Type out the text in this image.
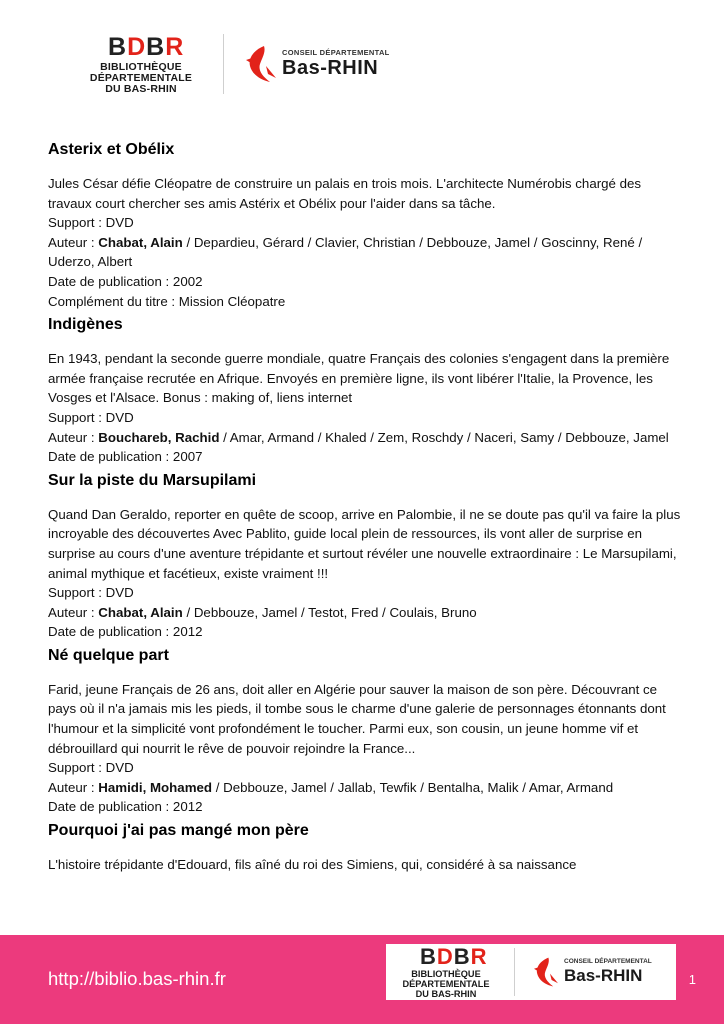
BDBR
BIBLIOTHÈQUE
DÉPARTEMENTALE
DU BAS-RHIN
CONSEIL DÉPARTEMENTAL
Bas-RHIN
Asterix et Obélix

Jules César défie Cléopatre de construire un palais en trois mois. L'architecte Numérobis chargé des travaux court chercher ses amis Astérix et Obélix pour l'aider dans sa tâche.

Support : DVD
Auteur : Chabat, Alain / Depardieu, Gérard / Clavier, Christian / Debbouze, Jamel / Goscinny, René / Uderzo, Albert
Date de publication : 2002
Complément du titre : Mission Cléopatre
Indigènes

En 1943, pendant la seconde guerre mondiale, quatre Français des colonies s'engagent dans la première armée française recrutée en Afrique. Envoyés en première ligne, ils vont libérer l'Italie, la Provence, les Vosges et l'Alsace. Bonus : making of, liens internet

Support : DVD
Auteur : Bouchareb, Rachid / Amar, Armand / Khaled / Zem, Roschdy / Naceri, Samy / Debbouze, Jamel
Date de publication : 2007
Sur la piste du Marsupilami

Quand Dan Geraldo, reporter en quête de scoop, arrive en Palombie, il ne se doute pas qu'il va faire la plus incroyable des découvertes Avec Pablito, guide local plein de ressources, ils vont aller de surprise en surprise au cours d'une aventure trépidante et surtout révéler une nouvelle extraordinaire : Le Marsupilami, animal mythique et facétieux, existe vraiment !!!

Support : DVD
Auteur : Chabat, Alain / Debbouze, Jamel / Testot, Fred / Coulais, Bruno
Date de publication : 2012
Né quelque part

Farid, jeune Français de 26 ans, doit aller en Algérie pour sauver la maison de son père. Découvrant ce pays où il n'a jamais mis les pieds, il tombe sous le charme d'une galerie de personnages étonnants dont l'humour et la simplicité vont profondément le toucher. Parmi eux, son cousin, un jeune homme vif et débrouillard qui nourrit le rêve de pouvoir rejoindre la France...

Support : DVD
Auteur : Hamidi, Mohamed / Debbouze, Jamel / Jallab, Tewfik / Bentalha, Malik / Amar, Armand
Date de publication : 2012
Pourquoi j'ai pas mangé mon père

L'histoire trépidante d'Edouard, fils aîné du roi des Simiens, qui, considéré à sa naissance

http://biblio.bas-rhin.fr	1
BDBR
BIBLIOTHÈQUE
DÉPARTEMENTALE
DU BAS-RHIN
CONSEIL DÉPARTEMENTAL
Bas-RHIN
